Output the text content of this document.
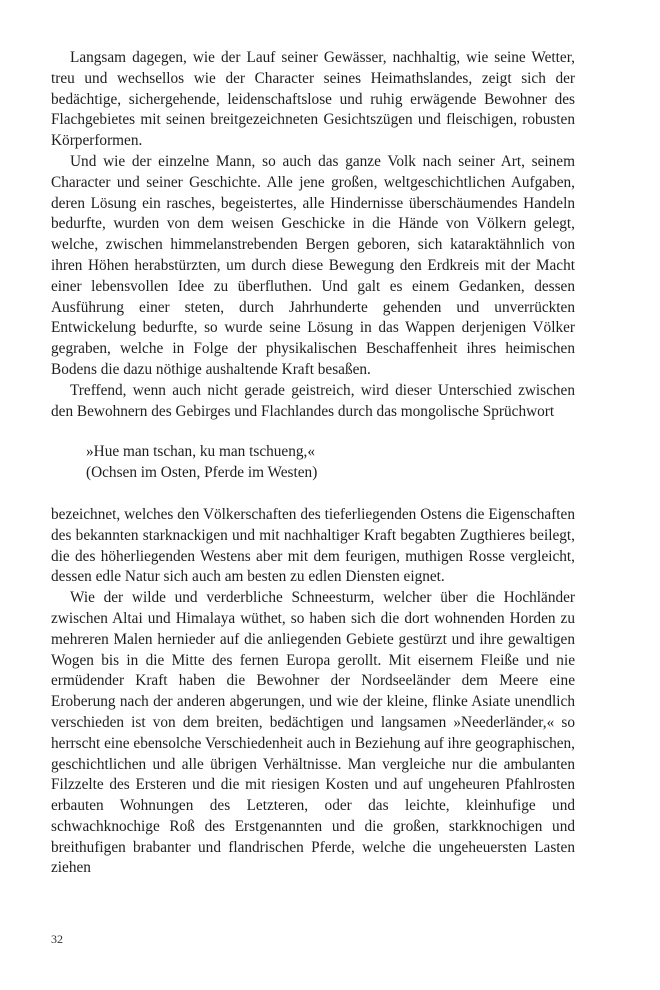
Langsam dagegen, wie der Lauf seiner Gewässer, nachhaltig, wie seine Wetter, treu und wechsellos wie der Character seines Heimathslandes, zeigt sich der bedächtige, sichergehende, leidenschaftslose und ruhig erwägende Bewohner des Flachgebietes mit seinen breitgezeichneten Gesichtszügen und fleischigen, robusten Körperformen.

Und wie der einzelne Mann, so auch das ganze Volk nach seiner Art, seinem Character und seiner Geschichte. Alle jene großen, weltgeschichtlichen Aufgaben, deren Lösung ein rasches, begeistertes, alle Hindernisse überschäumendes Handeln bedurfte, wurden von dem weisen Geschicke in die Hände von Völkern gelegt, welche, zwischen himmelanstrebenden Bergen geboren, sich kataraktähnlich von ihren Höhen herabstürzten, um durch diese Bewegung den Erdkreis mit der Macht einer lebensvollen Idee zu überfluthen. Und galt es einem Gedanken, dessen Ausführung einer steten, durch Jahrhunderte gehenden und unverrückten Entwickelung bedurfte, so wurde seine Lösung in das Wappen derjenigen Völker gegraben, welche in Folge der physikalischen Beschaffenheit ihres heimischen Bodens die dazu nöthige aushaltende Kraft besaßen.

Treffend, wenn auch nicht gerade geistreich, wird dieser Unterschied zwischen den Bewohnern des Gebirges und Flachlandes durch das mongolische Sprüchwort

»Hue man tschan, ku man tschueng,«
(Ochsen im Osten, Pferde im Westen)

bezeichnet, welches den Völkerschaften des tieferliegenden Ostens die Eigenschaften des bekannten starknackigen und mit nachhaltiger Kraft begabten Zugthieres beilegt, die des höherliegenden Westens aber mit dem feurigen, muthigen Rosse vergleicht, dessen edle Natur sich auch am besten zu edlen Diensten eignet.

Wie der wilde und verderbliche Schneesturm, welcher über die Hochländer zwischen Altai und Himalaya wüthet, so haben sich die dort wohnenden Horden zu mehreren Malen hernieder auf die anliegenden Gebiete gestürzt und ihre gewaltigen Wogen bis in die Mitte des fernen Europa gerollt. Mit eisernem Fleiße und nie ermüdender Kraft haben die Bewohner der Nordseeländer dem Meere eine Eroberung nach der anderen abgerungen, und wie der kleine, flinke Asiate unendlich verschieden ist von dem breiten, bedächtigen und langsamen »Neederländer,« so herrscht eine ebensolche Verschiedenheit auch in Beziehung auf ihre geographischen, geschichtlichen und alle übrigen Verhältnisse. Man vergleiche nur die ambulanten Filzzelte des Ersteren und die mit riesigen Kosten und auf ungeheuren Pfahlrosten erbauten Wohnungen des Letzteren, oder das leichte, kleinhufige und schwachknochige Roß des Erstgenannten und die großen, starkknochigen und breithufigen brabanter und flandrischen Pferde, welche die ungeheuersten Lasten ziehen

32
